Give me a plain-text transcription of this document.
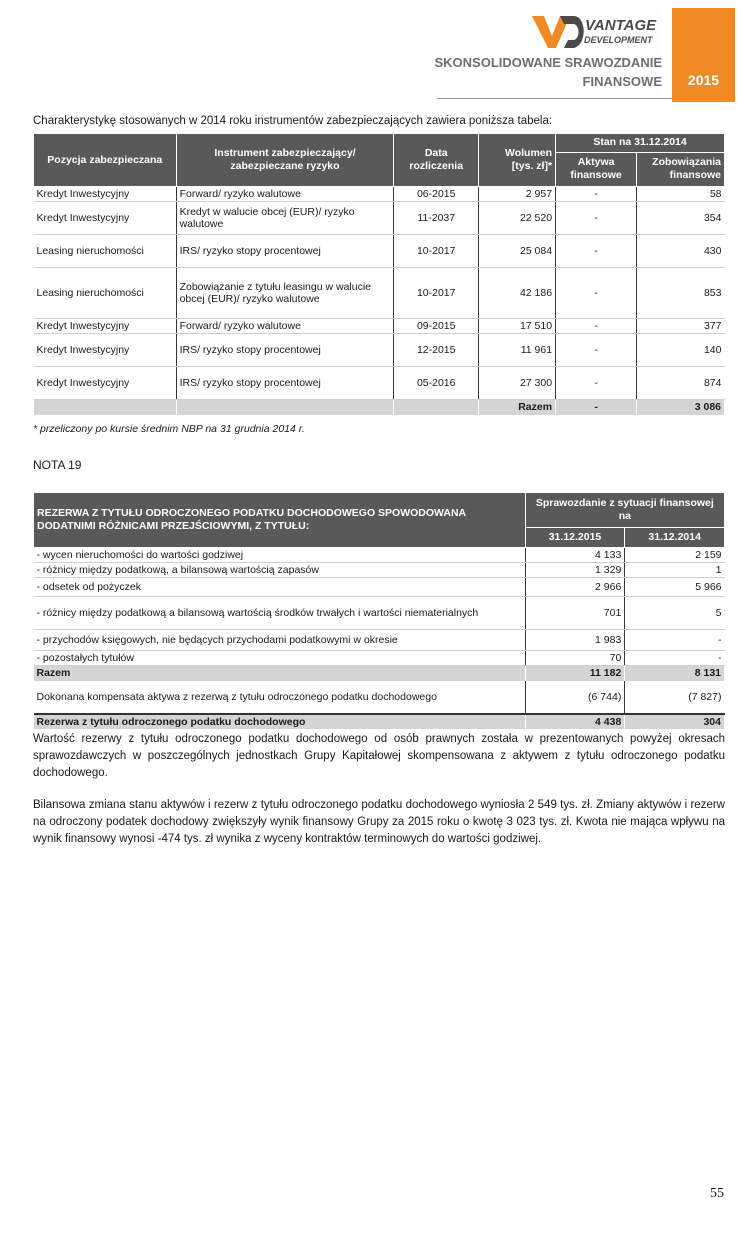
VANTAGE
DEVELOPMENT
SKONSOLIDOWANE SRAWOZDANIE
FINANSOWE	2015
Charakterystykę stosowanych w 2014 roku instrumentów zabezpieczających zawiera poniższa tabela:
Pozycja zabezpieczana	Instrument zabezpieczający/ zabezpieczane ryzyko	Data rozliczenia	Wolumen [tys. zł]*	Stan na 31.12.2014	
				Aktywa finansowe	Zobowiązania finansowe
Kredyt Inwestycyjny	Forward/ ryzyko walutowe	06-2015	2 957	-	58
Kredyt Inwestycyjny	Kredyt w walucie obcej (EUR)/ ryzyko walutowe	11-2037	22 520	-	354
Leasing nieruchomości	IRS/ ryzyko stopy procentowej	10-2017	25 084	-	430
Leasing nieruchomości	Zobowiązanie z tytułu leasingu w walucie obcej (EUR)/ ryzyko walutowe	10-2017	42 186	-	853
Kredyt Inwestycyjny	Forward/ ryzyko walutowe	09-2015	17 510	-	377
Kredyt Inwestycyjny	IRS/ ryzyko stopy procentowej	12-2015	11 961	-	140
Kredyt Inwestycyjny	IRS/ ryzyko stopy procentowej	05-2016	27 300	-	874
			Razem	-	3 086
* przeliczony po kursie średnim NBP na 31 grudnia 2014 r.
NOTA 19
REZERWA Z TYTUŁU ODROCZONEGO PODATKU DOCHODOWEGO SPOWODOWANA DODATNIMI RÓŻNICAMI PRZEJŚCIOWYMI, Z TYTUŁU:	Sprawozdanie z sytuacji finansowej na	
	31.12.2015	31.12.2014
- wycen nieruchomości do wartości godziwej	4 133	2 159
- różnicy między podatkową, a bilansową wartością zapasów	1 329	1
- odsetek od pożyczek	2 966	5 966
- różnicy między podatkową a bilansową wartością środków trwałych i wartości niematerialnych	701	5
- przychodów księgowych, nie będących przychodami podatkowymi w okresie	1 983	-
- pozostałych tytułów	70	-
Razem	11 182	8 131
Dokonana kompensata aktywa z rezerwą z tytułu odroczonego podatku dochodowego	(6 744)	(7 827)
Rezerwa z tytułu odroczonego podatku dochodowego	4 438	304
Wartość rezerwy z tytułu odroczonego podatku dochodowego od osób prawnych została w prezentowanych powyżej okresach sprawozdawczych w poszczególnych jednostkach Grupy Kapitałowej skompensowana z aktywem z tytułu odroczonego podatku dochodowego.
Bilansowa zmiana stanu aktywów i rezerw z tytułu odroczonego podatku dochodowego wyniosła 2 549 tys. zł. Zmiany aktywów i rezerw na odroczony podatek dochodowy zwiększyły wynik finansowy Grupy za 2015 roku o kwotę 3 023 tys. zł. Kwota nie mająca wpływu na wynik finansowy wynosi -474 tys. zł wynika z wyceny kontraktów terminowych do wartości godziwej.
55
